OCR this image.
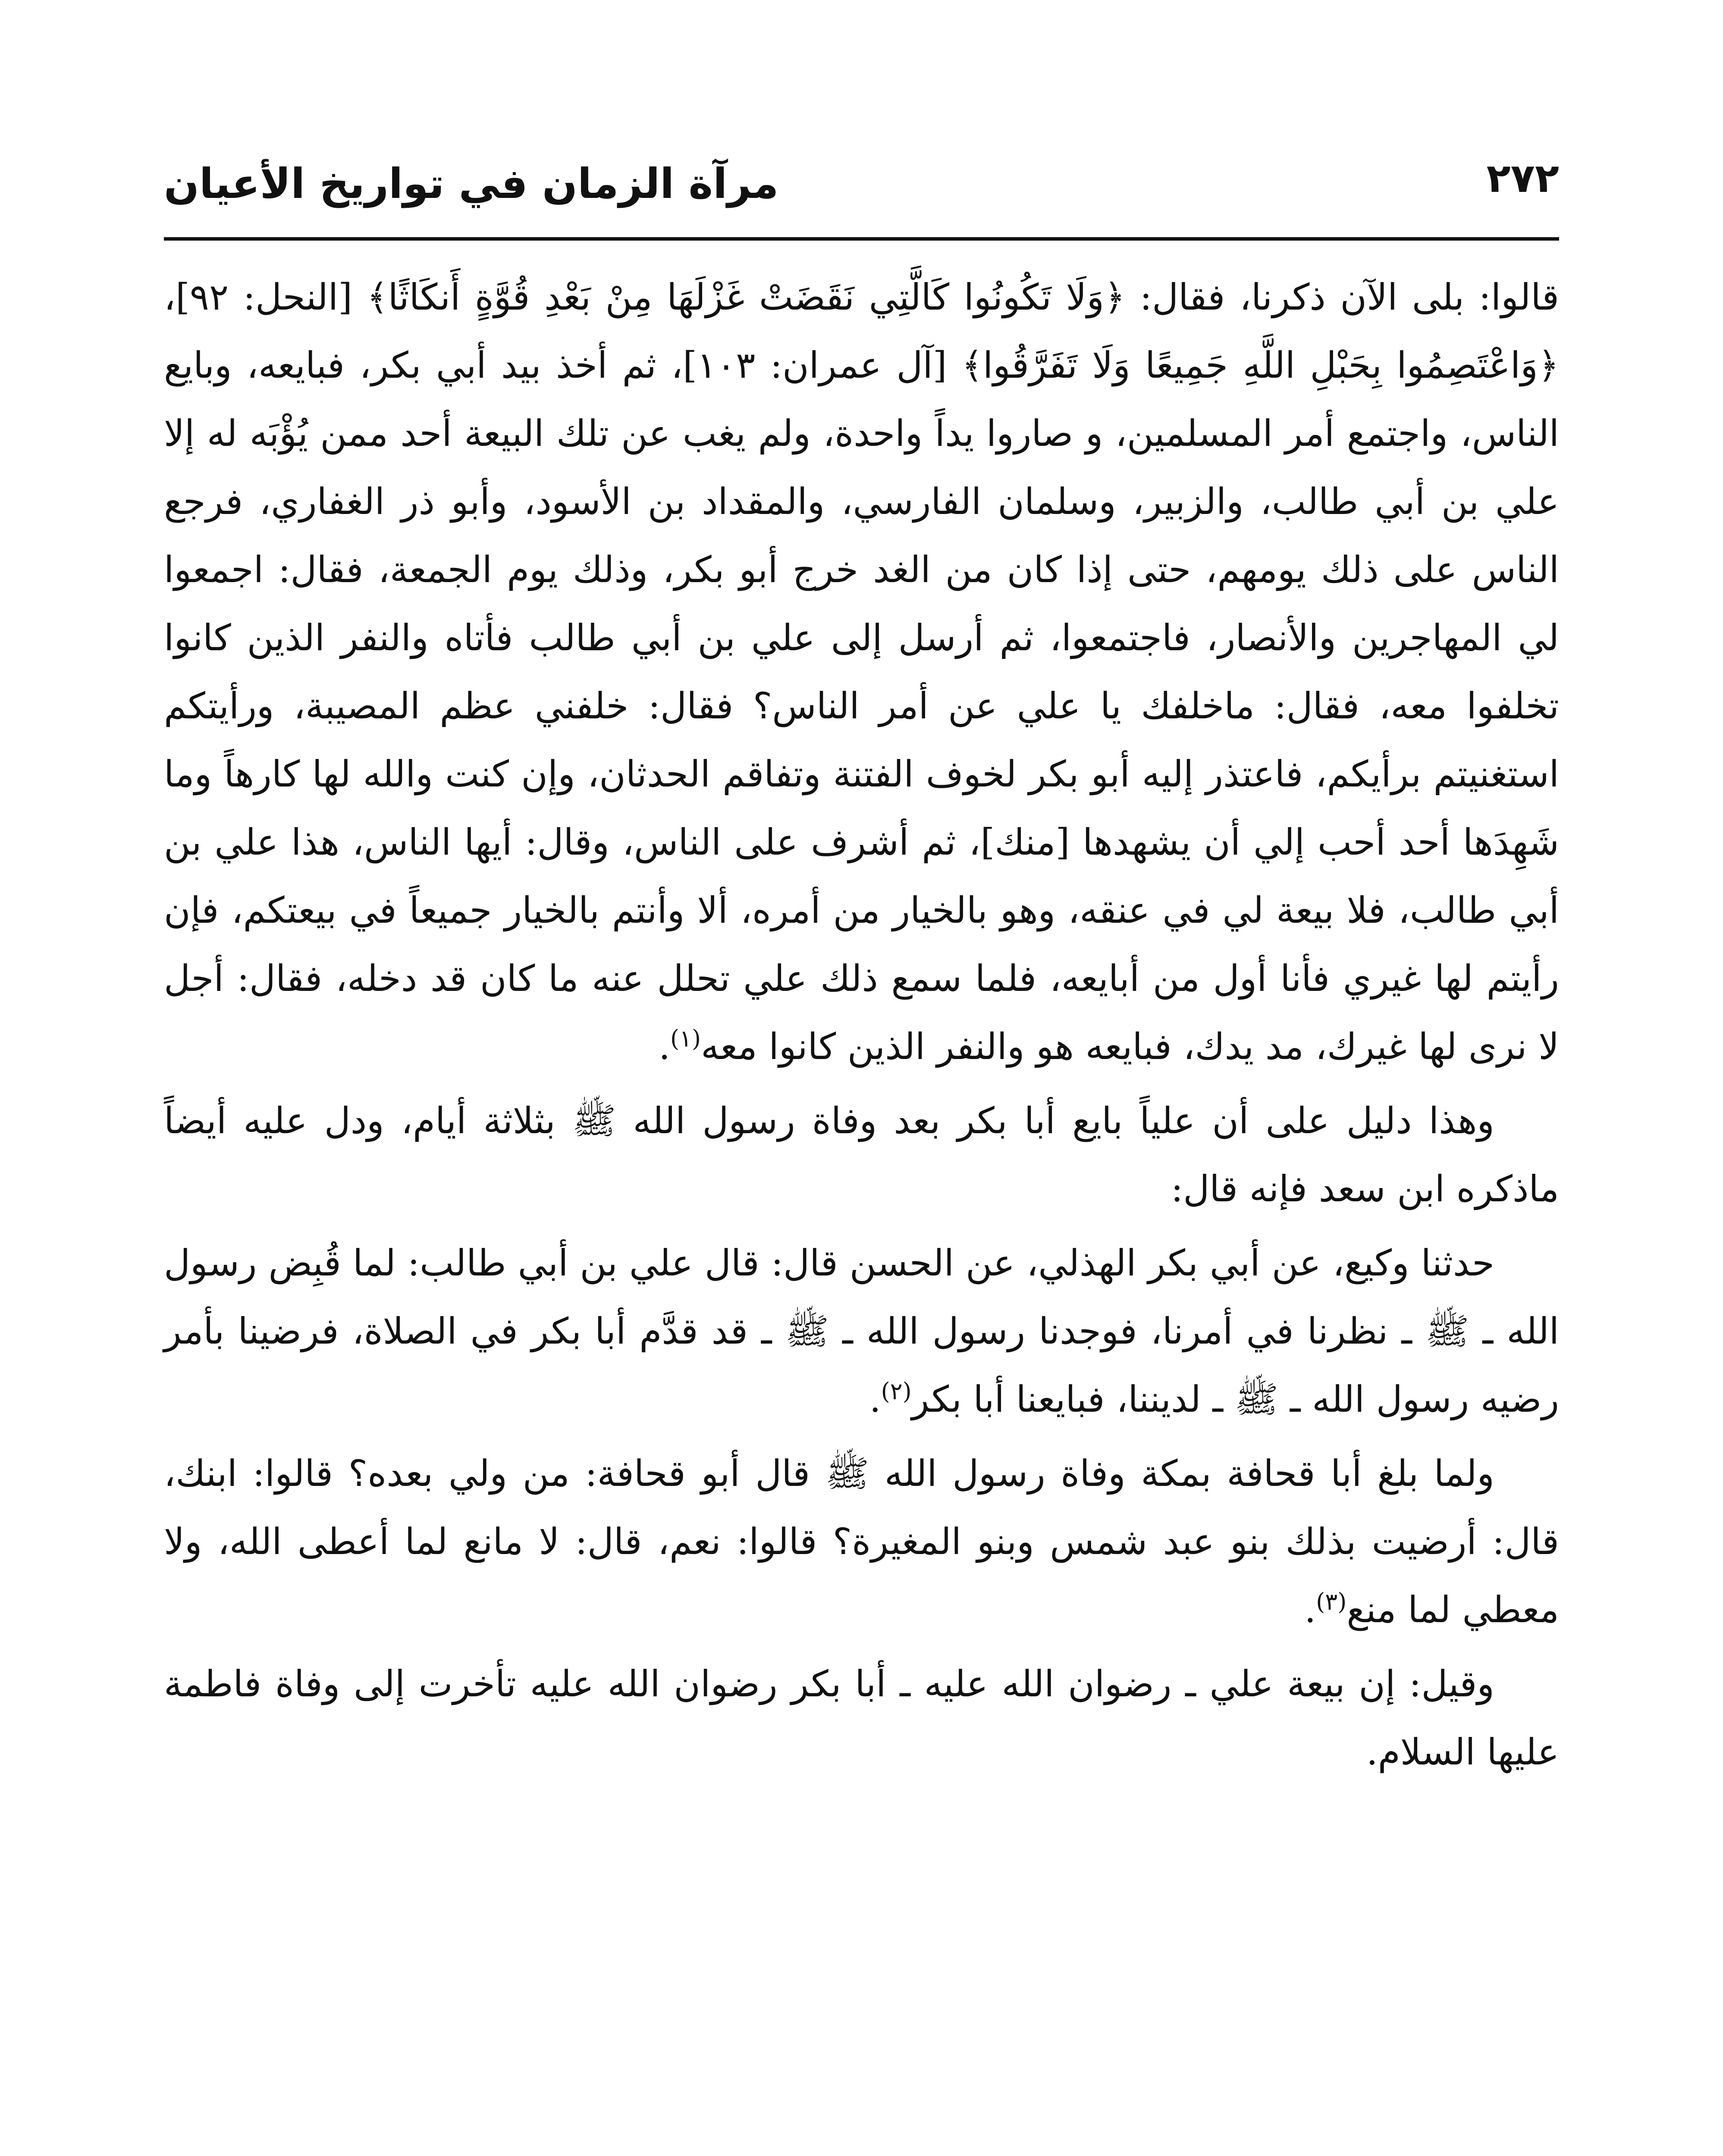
٢٧٢
مرآة الزمان في تواريخ الأعيان

قالوا: بلى الآن ذكرنا، فقال: ﴿وَلَا تَكُونُوا كَالَّتِي نَقَضَتْ غَزْلَهَا مِنْ بَعْدِ قُوَّةٍ أَنكَاثًا﴾ [النحل: ٩٢]، ﴿وَاعْتَصِمُوا بِحَبْلِ اللَّهِ جَمِيعًا وَلَا تَفَرَّقُوا﴾ [آل عمران: ١٠٣]، ثم أخذ بيد أبي بكر، فبايعه، وبايع الناس، واجتمع أمر المسلمين، و صاروا يداً واحدة، ولم يغب عن تلك البيعة أحد ممن يُؤْبَه له إلا علي بن أبي طالب، والزبير، وسلمان الفارسي، والمقداد بن الأسود، وأبو ذر الغفاري، فرجع الناس على ذلك يومهم، حتى إذا كان من الغد خرج أبو بكر، وذلك يوم الجمعة، فقال: اجمعوا لي المهاجرين والأنصار، فاجتمعوا، ثم أرسل إلى علي بن أبي طالب فأتاه والنفر الذين كانوا تخلفوا معه، فقال: ماخلفك يا علي عن أمر الناس؟ فقال: خلفني عظم المصيبة، ورأيتكم استغنيتم برأيكم، فاعتذر إليه أبو بكر لخوف الفتنة وتفاقم الحدثان، وإن كنت والله لها كارهاً وما شَهِدَها أحد أحب إلي أن يشهدها [منك]، ثم أشرف على الناس، وقال: أيها الناس، هذا علي بن أبي طالب، فلا بيعة لي في عنقه، وهو بالخيار من أمره، ألا وأنتم بالخيار جميعاً في بيعتكم، فإن رأيتم لها غيري فأنا أول من أبايعه، فلما سمع ذلك علي تحلل عنه ما كان قد دخله، فقال: أجل لا نرى لها غيرك، مد يدك، فبايعه هو والنفر الذين كانوا معه$^{(١)}$.

وهذا دليل على أن علياً بايع أبا بكر بعد وفاة رسول الله ﷺ بثلاثة أيام، ودل عليه أيضاً ماذكره ابن سعد فإنه قال:

حدثنا وكيع، عن أبي بكر الهذلي، عن الحسن قال: قال علي بن أبي طالب: لما قُبِض رسول الله ـ ﷺ ـ نظرنا في أمرنا، فوجدنا رسول الله ـ ﷺ ـ قد قدَّم أبا بكر في الصلاة، فرضينا بأمر رضيه رسول الله ـ ﷺ ـ لديننا، فبايعنا أبا بكر$^{(٢)}$.

ولما بلغ أبا قحافة بمكة وفاة رسول الله ﷺ قال أبو قحافة: من ولي بعده؟ قالوا: ابنك، قال: أرضيت بذلك بنو عبد شمس وبنو المغيرة؟ قالوا: نعم، قال: لا مانع لما أعطى الله، ولا معطي لما منع$^{(٣)}$.

وقيل: إن بيعة علي ـ رضوان الله عليه ـ أبا بكر رضوان الله عليه تأخرت إلى وفاة فاطمة عليها السلام.
